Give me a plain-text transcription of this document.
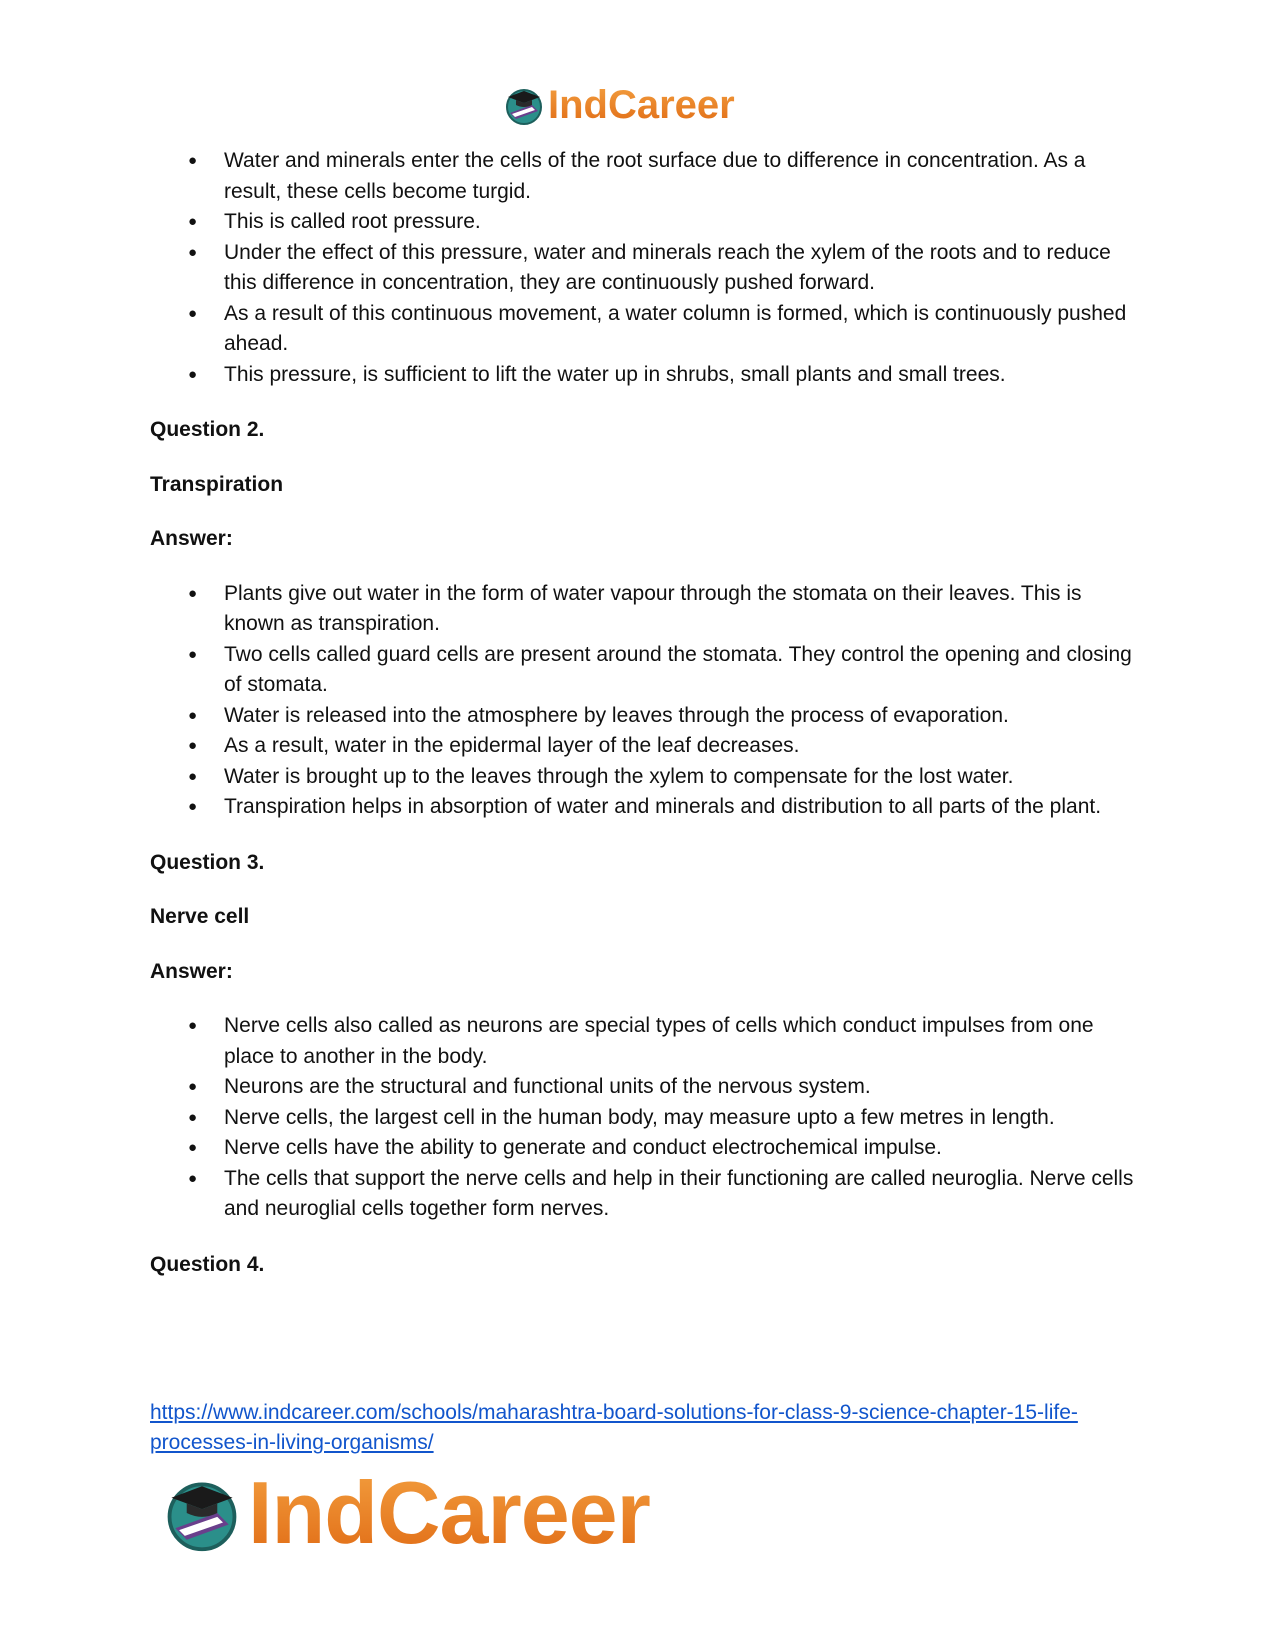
IndCareer
● Water and minerals enter the cells of the root surface due to difference in concentration. As a result, these cells become turgid.
● This is called root pressure.
● Under the effect of this pressure, water and minerals reach the xylem of the roots and to reduce this difference in concentration, they are continuously pushed forward.
● As a result of this continuous movement, a water column is formed, which is continuously pushed ahead.
● This pressure, is sufficient to lift the water up in shrubs, small plants and small trees.

Question 2.

Transpiration

Answer:

● Plants give out water in the form of water vapour through the stomata on their leaves. This is known as transpiration.
● Two cells called guard cells are present around the stomata. They control the opening and closing of stomata.
● Water is released into the atmosphere by leaves through the process of evaporation.
● As a result, water in the epidermal layer of the leaf decreases.
● Water is brought up to the leaves through the xylem to compensate for the lost water.
● Transpiration helps in absorption of water and minerals and distribution to all parts of the plant.

Question 3.

Nerve cell

Answer:

● Nerve cells also called as neurons are special types of cells which conduct impulses from one place to another in the body.
● Neurons are the structural and functional units of the nervous system.
● Nerve cells, the largest cell in the human body, may measure upto a few metres in length.
● Nerve cells have the ability to generate and conduct electrochemical impulse.
● The cells that support the nerve cells and help in their functioning are called neuroglia. Nerve cells and neuroglial cells together form nerves.

Question 4.

https://www.indcareer.com/schools/maharashtra-board-solutions-for-class-9-science-chapter-15-life-processes-in-living-organisms/
IndCareer
